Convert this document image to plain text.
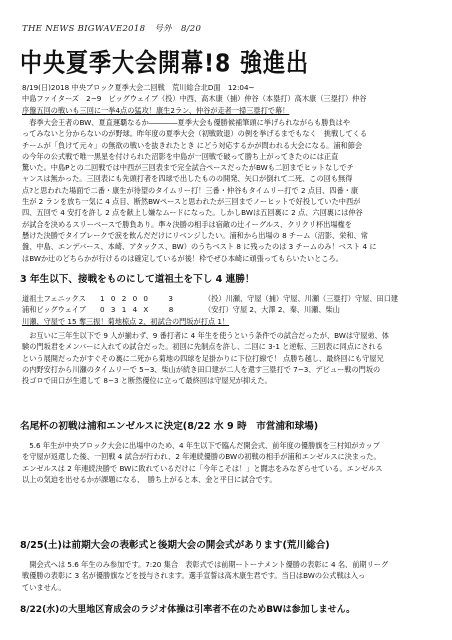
THE NEWS BIGWAVE2018 号外 8/20
中央夏季大会開幕!8 強進出

8/19(日)2018 中央ブロック夏季大会二回戦　荒川総合北D面　12:04~

中島ファイターズ　2−9　ビッグウェイブ（投）中西、高木康（捕）仲谷（本塁打）高木康（三塁打）仲谷

序盤五回の戦いも三回に一挙4点の猛攻！康生2ラン、仲谷が走者一掃三塁打で幕！

　春季大会王者のBW、夏直運覇なるか――――夏季大会も優勝候補筆頭に挙げられながらも勝負はや

ってみないと分からないのが野球。昨年度の夏季大会（初戦敗退）の例を挙げるまでもなく　挑戦してくる

チームが「負けて元々」の無欲の戦いを抜きれたとき にどう対応するかが問われる大会になる。浦和節会

の今年の公式戦で唯一黒星を付けられた沼影を中島が一回戦で破って勝ち上がってきたのには正直

驚いた。中島Pとの二回戦では中西が三回表まで完全試合ペースだったがBWも二回までヒットなしでチ

ャンスは無かった。三回表にも先頭打者を四球で出したものの開発、矢口が倒れて二死、この回も無得

点?と思われた場面で二番・康生が待望のタイムリー打！三番・仲谷もタイムリー打で 2 点目、四番・康

生が 2 ランを放ち一気に 4 点目、断然BWペースと思われたが三回までノーヒットで好投していた中西が

四、五回で 4 安打を許し 2 点を献上し嫌なムードになった。しかしBWは五回裏に 2 点、六回裏には仲谷

が試合を決めるスリーベースで勝負あり。準々決勝の相手は宿敵の辻イーグルス、クリクリ杯出場権を

懸けた決勝でタイブレークで涙を飲んだだけにリベンジしたい。浦和から出場の 8 チーム（沼影、栄和、常

盤、中島、エンデバース、本崎、アタックス、BW）のうちベスト 8 に残ったのは 3 チームのみ！ベスト 4 に

はBWか辻のどちらかが行けるのは確定しているが後！枠でぜひ本崎に頑張ってもらいたいところ。

3 年生以下、接戦をものにして道祖土を下し 4 連勝！
道祖土フェニックス	1 0 2 0 0　　3	（投）川瀬、守屋（捕）守屋、川瀬（三塁打）守屋、田口建
浦和ビッグウェイブ	0 3 1 4 X　　8	（安打）守屋 2、大澤 2、秦、川瀬、柴山

川瀬、守屋で 15 奪三振！菊地椋点 2、初試合の門坂が打点 1！

　お互いに三年生以下で 9 人が揃わず、9 番打者に 4 年生を使うという条件での試合だったが、BWは守屋弟、体

験の門坂君をメンバーに入れての試合だった。初回に先制点を許し、二回に 3-1 と逆転、三回表に同点にされる

という展開だったがすぐその裏に二死から菊地の四球を足掛かりに下位打線で！ 点勝ち越し、最終回にも守屋兄

の内野安打から川瀬のタイムリーで 5−3、柴山が続き田口建が二人を還す三塁打で 7−3、デビュー戦の門坂の

投ゴロで田口が生還して 8−3 と断然優位に立って最終回は守屋兄が抑えた。

名尾杯の初戦は浦和エンゼルスに決定(8/22 水 9 時　市営浦和球場)

　5.6 年生が中央ブロック大会に出場中のため、4 年生以下で臨んだ開会式、前年度の優勝旗を三村知がカップ

を守屋が返還した後、一回戦 4 試合が行われ、2 年連続優勝のBWの初戦の相手が浦和エンゼルスに決まった。

エンゼルスは 2 年連続決勝で BWに敗れているだけに「今年こそは！」と闘志をみなぎらせている。エンゼルス

以上の気迫を出せるかが課題になる、　勝ち上がると本、金と平日に試合です。

8/25(土)は前期大会の表彰式と後期大会の開会式があります(荒川総合)

　開会式へは 5.6 年生のみ参加です。7:20 集合　表彰式では前期ートーナメント優勝の表彰に 4 名、前期リーグ

戦優勝の表彰に 3 名が優勝旗などを授与されます。選手宣誓は高木康生君です。当日はBWの公式戦は入っ

ていません。

8/22(水)の大里地区育成会のラジオ体操は引率者不在のためBWは参加しません。
